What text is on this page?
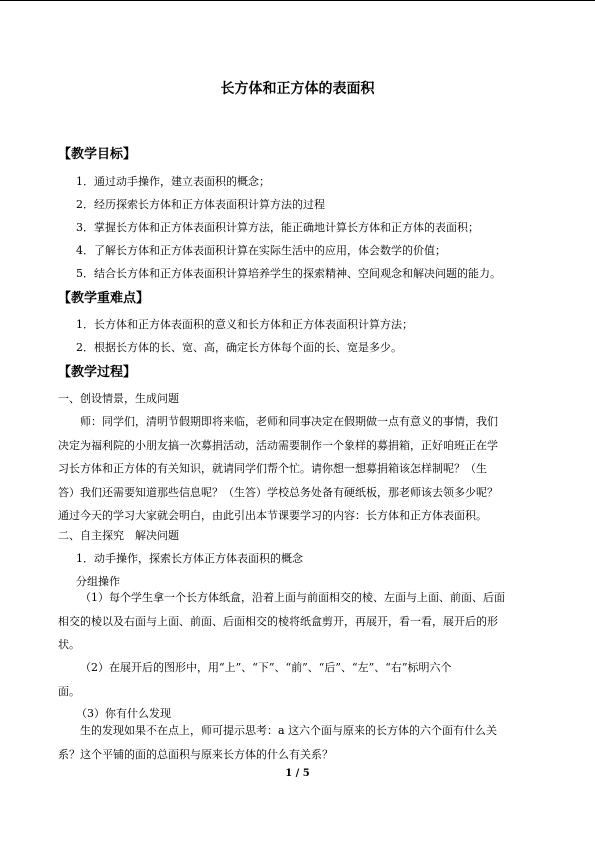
长方体和正方体的表面积
【教学目标】
1．通过动手操作，建立表面积的概念；
2．经历探索长方体和正方体表面积计算方法的过程
3．掌握长方体和正方体表面积计算方法，能正确地计算长方体和正方体的表面积；
4．了解长方体和正方体表面积计算在实际生活中的应用，体会数学的价值；
5．结合长方体和正方体表面积计算培养学生的探索精神、空间观念和解决问题的能力。
【教学重难点】
1．长方体和正方体表面积的意义和长方体和正方体表面积计算方法；
2．根据长方体的长、宽、高，确定长方体每个面的长、宽是多少。
【教学过程】
一、创设情景，生成问题

师：同学们，清明节假期即将来临，老师和同事决定在假期做一点有意义的事情，我们

决定为福利院的小朋友搞一次募捐活动，活动需要制作一个象样的募捐箱，正好咱班正在学

习长方体和正方体的有关知识，就请同学们帮个忙。请你想一想募捐箱该怎样制呢？（生

答）我们还需要知道那些信息呢？（生答）学校总务处备有硬纸板，那老师该去领多少呢？

通过今天的学习大家就会明白，由此引出本节课要学习的内容：长方体和正方体表面积。

二、自主探究　解决问题
1．动手操作，探索长方体正方体表面积的概念
分组操作

（1）每个学生拿一个长方体纸盒，沿着上面与前面相交的棱、左面与上面、前面、后面

相交的棱以及右面与上面、前面、后面相交的棱将纸盒剪开，再展开，看一看，展开后的形

状。

（2）在展开后的图形中，用“上”、“下”、“前”、“后”、“左”、“右”标明六个

面。

（3）你有什么发现

生的发现如果不在点上，师可提示思考：a 这六个面与原来的长方体的六个面有什么关

系？这个平铺的面的总面积与原来长方体的什么有关系？

1 / 5
